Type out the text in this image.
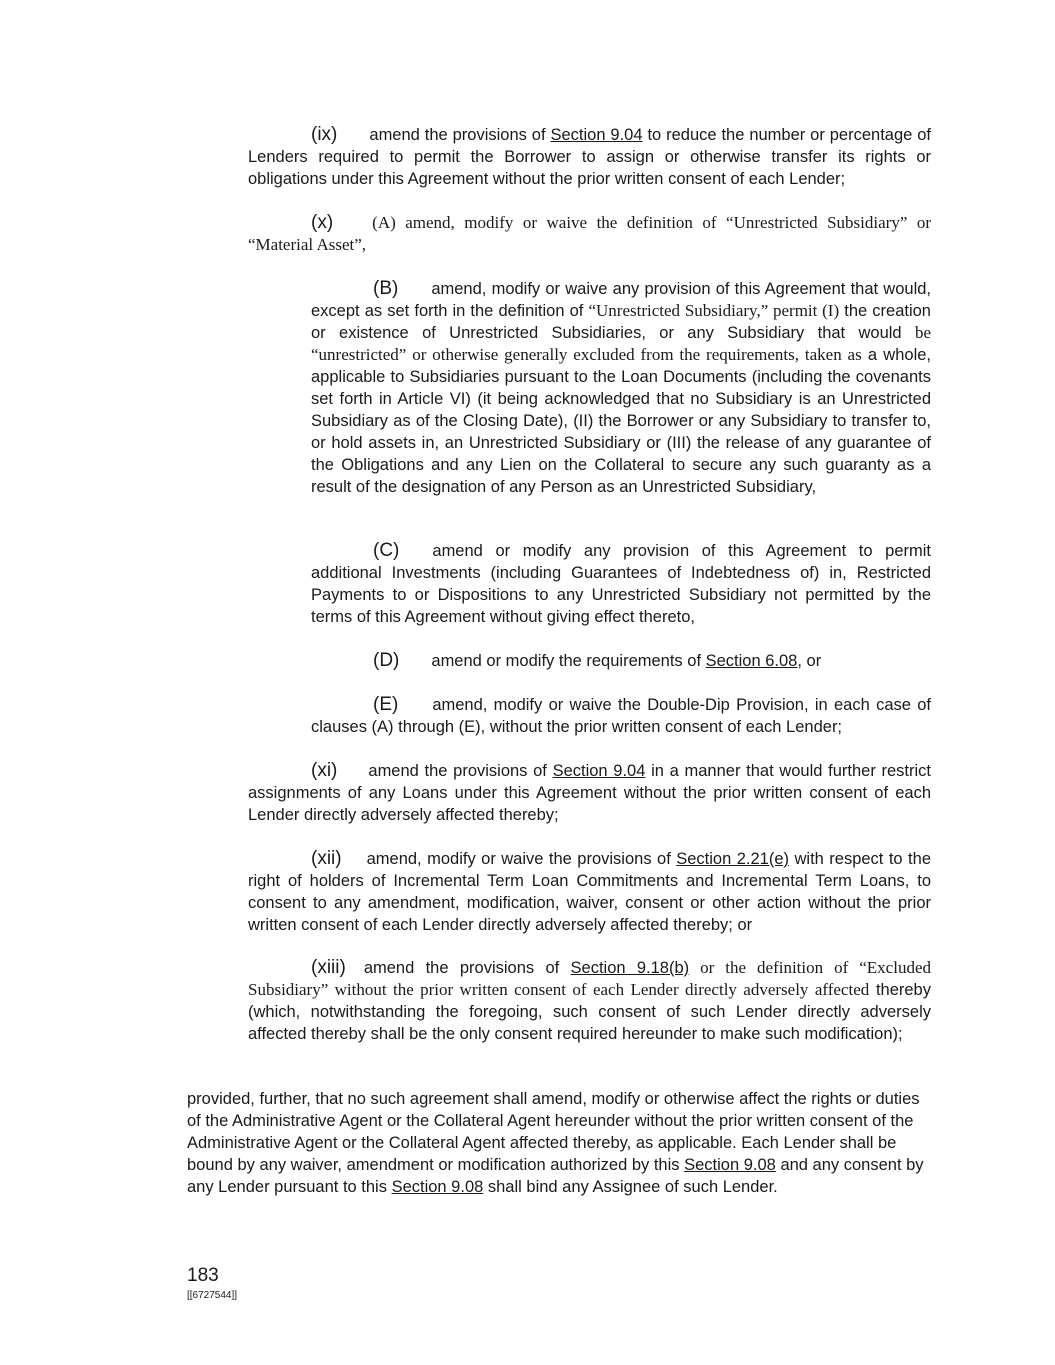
(ix) amend the provisions of Section 9.04 to reduce the number or percentage of Lenders required to permit the Borrower to assign or otherwise transfer its rights or obligations under this Agreement without the prior written consent of each Lender;

(x) (A) amend, modify or waive the definition of “Unrestricted Subsidiary” or “Material Asset”,

(B) amend, modify or waive any provision of this Agreement that would, except as set forth in the definition of “Unrestricted Subsidiary,” permit (I) the creation or existence of Unrestricted Subsidiaries, or any Subsidiary that would be “unrestricted” or otherwise generally excluded from the requirements, taken as a whole, applicable to Subsidiaries pursuant to the Loan Documents (including the covenants set forth in Article VI) (it being acknowledged that no Subsidiary is an Unrestricted Subsidiary as of the Closing Date), (II) the Borrower or any Subsidiary to transfer to, or hold assets in, an Unrestricted Subsidiary or (III) the release of any guarantee of the Obligations and any Lien on the Collateral to secure any such guaranty as a result of the designation of any Person as an Unrestricted Subsidiary,

(C) amend or modify any provision of this Agreement to permit additional Investments (including Guarantees of Indebtedness of) in, Restricted Payments to or Dispositions to any Unrestricted Subsidiary not permitted by the terms of this Agreement without giving effect thereto,

(D) amend or modify the requirements of Section 6.08, or

(E) amend, modify or waive the Double-Dip Provision, in each case of clauses (A) through (E), without the prior written consent of each Lender;

(xi) amend the provisions of Section 9.04 in a manner that would further restrict assignments of any Loans under this Agreement without the prior written consent of each Lender directly adversely affected thereby;

(xii) amend, modify or waive the provisions of Section 2.21(e) with respect to the right of holders of Incremental Term Loan Commitments and Incremental Term Loans, to consent to any amendment, modification, waiver, consent or other action without the prior written consent of each Lender directly adversely affected thereby; or

(xiii) amend the provisions of Section 9.18(b) or the definition of “Excluded Subsidiary” without the prior written consent of each Lender directly adversely affected thereby (which, notwithstanding the foregoing, such consent of such Lender directly adversely affected thereby shall be the only consent required hereunder to make such modification);

provided, further, that no such agreement shall amend, modify or otherwise affect the rights or duties of the Administrative Agent or the Collateral Agent hereunder without the prior written consent of the Administrative Agent or the Collateral Agent affected thereby, as applicable. Each Lender shall be bound by any waiver, amendment or modification authorized by this Section 9.08 and any consent by any Lender pursuant to this Section 9.08 shall bind any Assignee of such Lender.

183
[[6727544]]
